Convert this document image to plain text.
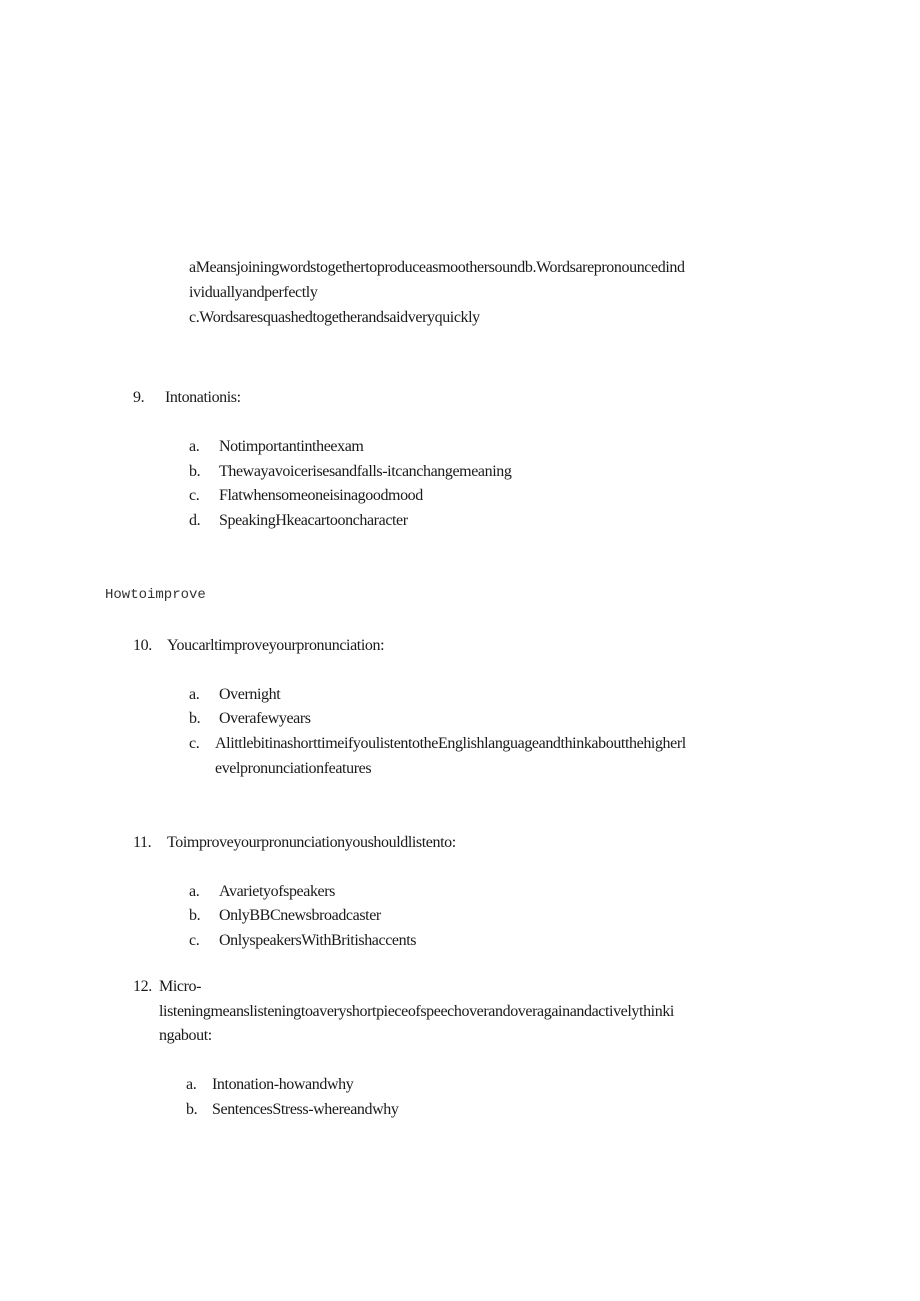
aMeansjoiningwordstogethertoproduceasmoothersoundb.Wordsarepronouncedind
ividuallyandperfectly
c.Wordsaresquashedtogetherandsaidveryquickly
9. Intonationis:
a. Notimportantintheexam
b. Thewayavoicerisesandfalls-itcanchangemeaning
c. Flatwhensomeoneisinagoodmood
d. SpeakingHkeacartooncharacter
Howtoimprove
10. Youcarltimproveyourpronunciation:
a. Overnight
b. Overafewyears
c. Alittlebitinashorttimeifyoulistentothe​Englishlanguageandthinkaboutthehigherl
evelpronunciationfeatures
11. Toimproveyourpronunciationyoushouldlistento:
a. Avarietyofspeakers
b. OnlyBBCnewsbroadcaster
c. OnlyspeakersWithBritishaccents
12. Micro-
listeningmeanslisteningtoaveryshortpieceofspeechoverandoveragainandactivelythinki
ngabout:
a. Intonation-howandwhy
b. SentencesStress-whereandwhy
